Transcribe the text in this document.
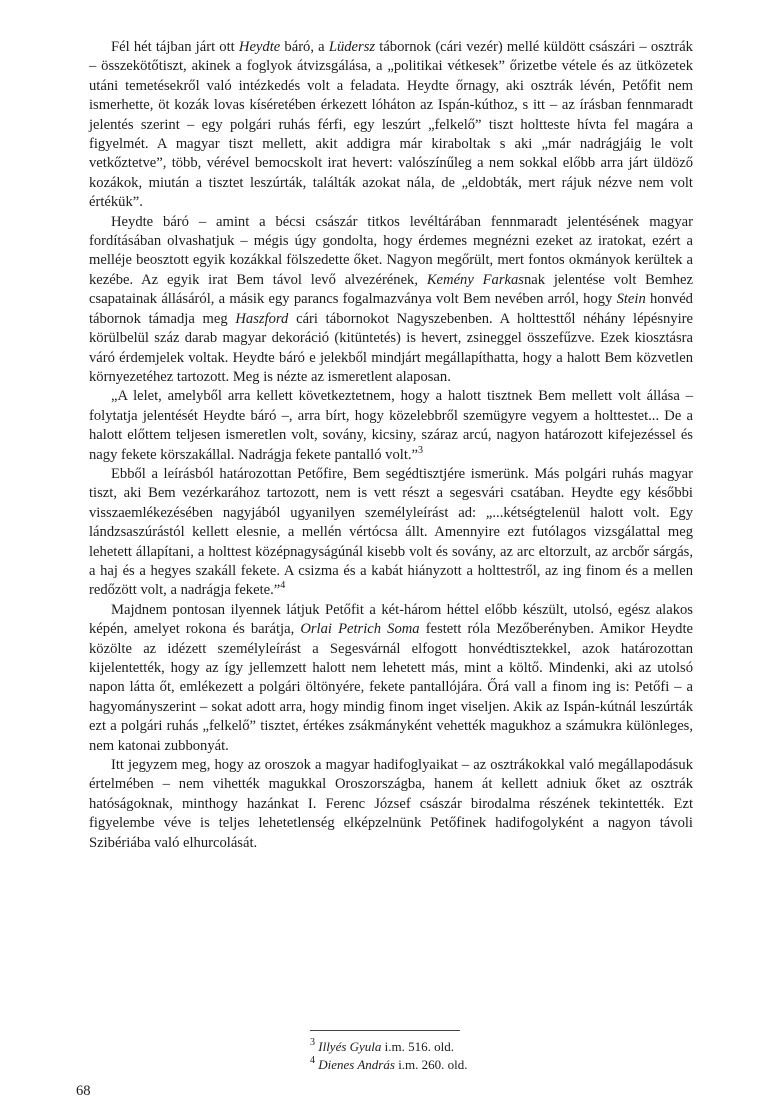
Fél hét tájban járt ott Heydte báró, a Lüdersz tábornok (cári vezér) mellé küldött császári – osztrák – összekötőtiszt, akinek a foglyok átvizsgálása, a „politikai vétkesek” őrizetbe vétele és az ütközetek utáni temetésekről való intézkedés volt a feladata. Heydte őrnagy, aki osztrák lévén, Petőfit nem ismerhette, öt kozák lovas kíséretében érkezett lóháton az Ispán-kúthoz, s itt – az írásban fennmaradt jelentés szerint – egy polgári ruhás férfi, egy leszúrt „felkelő” tiszt holtteste hívta fel magára a figyelmét. A magyar tiszt mellett, akit addigra már kiraboltak s aki „már nadrágjáig le volt vetkőztetve”, több, vérével bemocskolt irat hevert: valószínűleg a nem sokkal előbb arra járt üldöző kozákok, miután a tisztet leszúrták, találták azokat nála, de „eldobták, mert rájuk nézve nem volt értékük”.

Heydte báró – amint a bécsi császár titkos levéltárában fennmaradt jelentésének magyar fordításában olvashatjuk – mégis úgy gondolta, hogy érdemes megnézni ezeket az iratokat, ezért a melléje beosztott egyik kozákkal fölszedette őket. Nagyon megőrült, mert fontos okmányok kerültek a kezébe. Az egyik irat Bem távol levő alvezérének, Kemény Farkasnak jelentése volt Bemhez csapatainak állásáról, a másik egy parancs fogalmazványa volt Bem nevében arról, hogy Stein honvéd tábornok támadja meg Haszford cári tábornokot Nagyszebenben. A holttesttől néhány lépésnyire körülbelül száz darab magyar dekoráció (kitüntetés) is hevert, zsineggel összefűzve. Ezek kiosztásra váró érdemjelek voltak. Heydte báró e jelekből mindjárt megállapíthatta, hogy a halott Bem közvetlen környezetéhez tartozott. Meg is nézte az ismeretlent alaposan.

„A lelet, amelyből arra kellett következtetnem, hogy a halott tisztnek Bem mellett volt állása – folytatja jelentését Heydte báró –, arra bírt, hogy közelebbről szemügyre vegyem a holttestet... De a halott előttem teljesen ismeretlen volt, sovány, kicsiny, száraz arcú, nagyon határozott kifejezéssel és nagy fekete körszakállal. Nadrágja fekete pantalló volt.”$^3$

Ebből a leírásból határozottan Petőfire, Bem segédtisztjére ismerünk. Más polgári ruhás magyar tiszt, aki Bem vezérkarához tartozott, nem is vett részt a segesvári csatában. Heydte egy későbbi visszaemlékezésében nagyjából ugyanilyen személyleírást ad: „...kétségtelenül halott volt. Egy lándzsaszúrástól kellett elesnie, a mellén vértócsa állt. Amennyire ezt futólagos vizsgálattal meg lehetett állapítani, a holttest középnagyságúnál kisebb volt és sovány, az arc eltorzult, az arcbőr sárgás, a haj és a hegyes szakáll fekete. A csizma és a kabát hiányzott a holttestről, az ing finom és a mellen redőzött volt, a nadrágja fekete.”$^4$

Majdnem pontosan ilyennek látjuk Petőfit a két-három héttel előbb készült, utolsó, egész alakos képén, amelyet rokona és barátja, Orlai Petrich Soma festett róla Mezőberényben. Amikor Heydte közölte az idézett személyleírást a Segesvárnál elfogott honvédtisztekkel, azok határozottan kijelentették, hogy az így jellemzett halott nem lehetett más, mint a költő. Mindenki, aki az utolsó napon látta őt, emlékezett a polgári öltönyére, fekete pantallójára. Őrá vall a finom ing is: Petőfi – a hagyományszerint – sokat adott arra, hogy mindig finom inget viseljen. Akik az Ispán-kútnál leszúrták ezt a polgári ruhás „felkelő” tisztet, értékes zsákmányként vehették magukhoz a számukra különleges, nem katonai zubbonyát.

Itt jegyzem meg, hogy az oroszok a magyar hadifoglyaikat – az osztrákokkal való megállapodásuk értelmében – nem vihették magukkal Oroszországba, hanem át kellett adniuk őket az osztrák hatóságoknak, minthogy hazánkat I. Ferenc József császár birodalma részének tekintették. Ezt figyelembe véve is teljes lehetetlenség elképzelnünk Petőfinek hadifogolyként a nagyon távoli Szibériába való elhurcolását.

$^3$ Illyés Gyula i.m. 516. old.
$^4$ Dienes András i.m. 260. old.
68
